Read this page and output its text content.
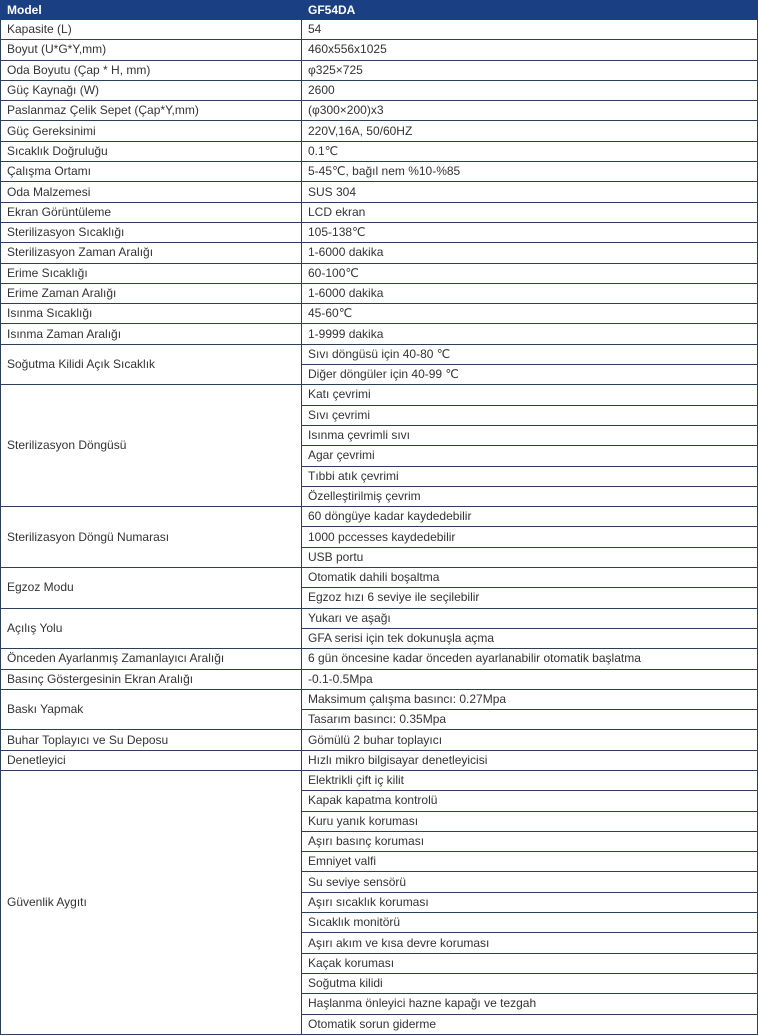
Model	GF54DA
Kapasite (L)	54
Boyut (U*G*Y,mm)	460x556x1025
Oda Boyutu (Çap * H, mm)	φ325×725
Güç Kaynağı (W)	2600
Paslanmaz Çelik Sepet (Çap*Y,mm)	(φ300×200)x3
Güç Gereksinimi	220V,16A, 50/60HZ
Sıcaklık Doğruluğu	0.1℃
Çalışma Ortamı	5-45℃, bağıl nem %10-%85
Oda Malzemesi	SUS 304
Ekran Görüntüleme	LCD ekran
Sterilizasyon Sıcaklığı	105-138℃
Sterilizasyon Zaman Aralığı	1-6000 dakika
Erime Sıcaklığı	60-100℃
Erime Zaman Aralığı	1-6000 dakika
Isınma Sıcaklığı	45-60℃
Isınma Zaman Aralığı	1-9999 dakika
Soğutma Kilidi Açık Sıcaklık	Sıvı döngüsü için 40-80 ℃
	Diğer döngüler için 40-99 ℃
Sterilizasyon Döngüsü	Katı çevrimi
	Sıvı çevrimi
	Isınma çevrimli sıvı
	Agar çevrimi
	Tıbbi atık çevrimi
	Özelleştirilmiş çevrim
Sterilizasyon Döngü Numarası	60 döngüye kadar kaydedebilir
	1000 pccesses kaydedebilir
	USB portu
Egzoz Modu	Otomatik dahili boşaltma
	Egzoz hızı 6 seviye ile seçilebilir
Açılış Yolu	Yukarı ve aşağı
	GFA serisi için tek dokunuşla açma
Önceden Ayarlanmış Zamanlayıcı Aralığı	6 gün öncesine kadar önceden ayarlanabilir otomatik başlatma
Basınç Göstergesinin Ekran Aralığı	-0.1-0.5Mpa
Baskı Yapmak	Maksimum çalışma basıncı: 0.27Mpa
	Tasarım basıncı: 0.35Mpa
Buhar Toplayıcı ve Su Deposu	Gömülü 2 buhar toplayıcı
Denetleyici	Hızlı mikro bilgisayar denetleyicisi
Güvenlik Aygıtı	Elektrikli çift iç kilit
	Kapak kapatma kontrolü
	Kuru yanık koruması
	Aşırı basınç koruması
	Emniyet valfi
	Su seviye sensörü
	Aşırı sıcaklık koruması
	Sıcaklık monitörü
	Aşırı akım ve kısa devre koruması
	Kaçak koruması
	Soğutma kilidi
	Haşlanma önleyici hazne kapağı ve tezgah
	Otomatik sorun giderme
